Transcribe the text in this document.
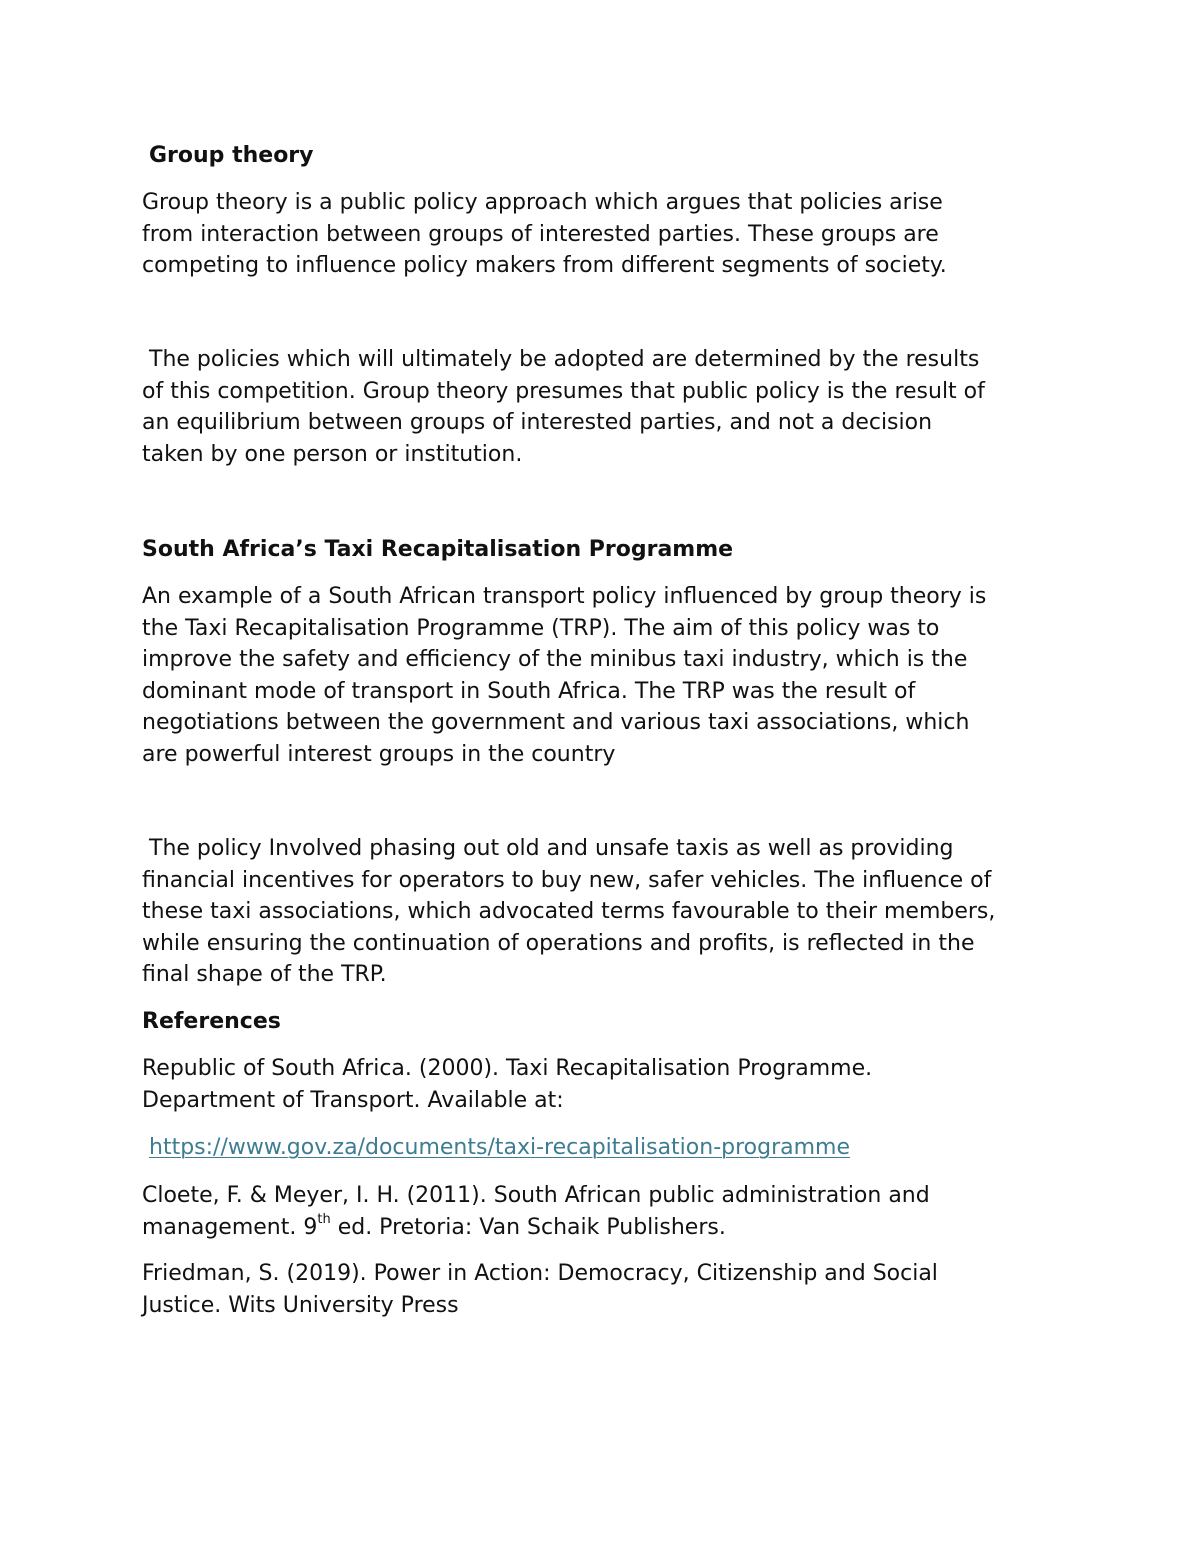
Group theory
Group theory is a public policy approach which argues that policies arise
from interaction between groups of interested parties. These groups are
competing to influence policy makers from different segments of society.
The policies which will ultimately be adopted are determined by the results
of this competition. Group theory presumes that public policy is the result of
an equilibrium between groups of interested parties, and not a decision
taken by one person or institution.
South Africa’s Taxi Recapitalisation Programme
An example of a South African transport policy influenced by group theory is
the Taxi Recapitalisation Programme (TRP). The aim of this policy was to
improve the safety and efficiency of the minibus taxi industry, which is the
dominant mode of transport in South Africa. The TRP was the result of
negotiations between the government and various taxi associations, which
are powerful interest groups in the country
The policy Involved phasing out old and unsafe taxis as well as providing
financial incentives for operators to buy new, safer vehicles. The influence of
these taxi associations, which advocated terms favourable to their members,
while ensuring the continuation of operations and profits, is reflected in the
final shape of the TRP.
References
Republic of South Africa. (2000). Taxi Recapitalisation Programme.
Department of Transport. Available at:
https://www.gov.za/documents/taxi-recapitalisation-programme
Cloete, F. & Meyer, I. H. (2011). South African public administration and
management. 9th ed. Pretoria: Van Schaik Publishers.
Friedman, S. (2019). Power in Action: Democracy, Citizenship and Social
Justice. Wits University Press
